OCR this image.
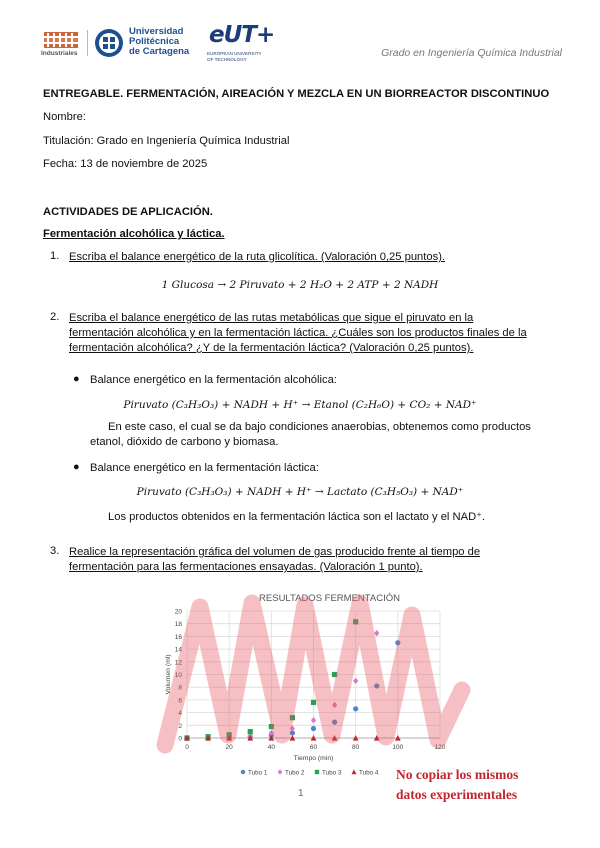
Industriales
Universidad
Politécnica
de Cartagena
eUT+
EUROPEAN UNIVERSITY
OF TECHNOLOGY	Grado en Ingeniería Química Industrial
ENTREGABLE. FERMENTACIÓN, AIREACIÓN Y MEZCLA EN UN BIORREACTOR DISCONTINUO
Nombre:
Titulación: Grado en Ingeniería Química Industrial
Fecha: 13 de noviembre de 2025
ACTIVIDADES DE APLICACIÓN.
Fermentación alcohólica y láctica.
1. Escriba el balance energético de la ruta glicolítica. (Valoración 0,25 puntos).
1 Glucosa → 2 Piruvato + 2 H₂O + 2 ATP + 2 NADH
2. Escriba el balance energético de las rutas metabólicas que sigue el piruvato en la
fermentación alcohólica y en la fermentación láctica. ¿Cuáles son los productos finales de la
fermentación alcohólica? ¿Y de la fermentación láctica? (Valoración 0,25 puntos).
● Balance energético en la fermentación alcohólica:
Piruvato (C₃H₃O₃) + NADH + H⁺ → Etanol (C₂H₆O) + CO₂ + NAD⁺
En este caso, el cual se da bajo condiciones anaerobias, obtenemos como productos
etanol, dióxido de carbono y biomasa.
● Balance energético en la fermentación láctica:
Piruvato (C₃H₃O₃) + NADH + H⁺ → Lactato (C₃H₅O₃) + NAD⁺
Los productos obtenidos en la fermentación láctica son el lactato y el NAD⁺.
3. Realice la representación gráfica del volumen de gas producido frente al tiempo de
fermentación para las fermentaciones ensayadas. (Valoración 1 punto).
RESULTADOS FERMENTACIÓN
0
2
4
6
8
10
12
14
16
18
20
0	20	40	60	80	100	120
Tiempo (min)
Volumen (ml)
Tubo 1	Tubo 2	Tubo 3	Tubo 4
1
No copiar los mismos
datos experimentales
